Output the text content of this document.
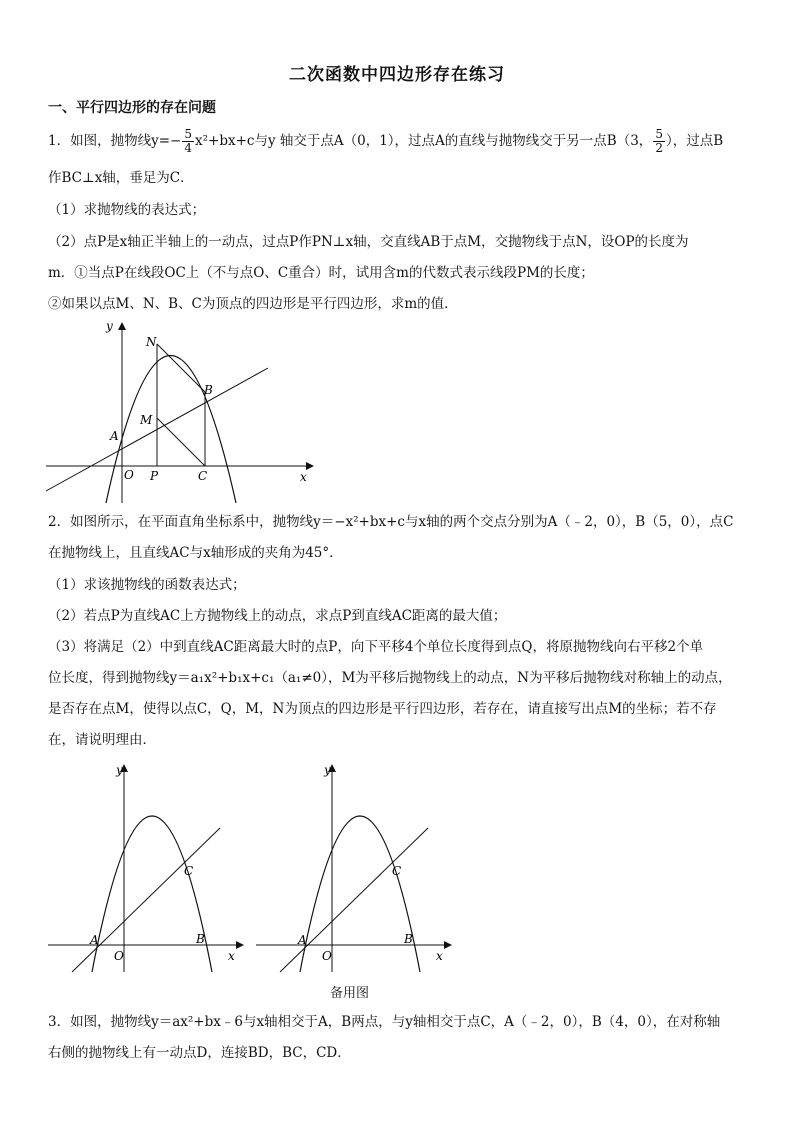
二次函数中四边形存在练习
一、平行四边形的存在问题
1．如图，抛物线$y=- \frac{5}{4} x^2+bx+c$与y 轴交于点A（0，1），过点A的直线与抛物线交于另一点B（3， $\frac{5}{2}$ ），过点B
作BC⊥x轴，垂足为C．
（1）求抛物线的表达式；
（2）点P是x轴正半轴上的一动点，过点P作PN⊥x轴，交直线AB于点M，交抛物线于点N，设OP的长度为
m．①当点P在线段OC上（不与点O、C重合）时，试用含m的代数式表示线段PM的长度；
②如果以点M、N、B、C为顶点的四边形是平行四边形，求m的值．
y
x
N
B
M
A
O P	C
2．如图所示，在平面直角坐标系中，抛物线y＝−x²+bx+c与x轴的两个交点分别为A（﹣2，0），B（5，0），点C
在抛物线上，且直线AC与x轴形成的夹角为45°．
（1）求该抛物线的函数表达式；
（2）若点P为直线AC上方抛物线上的动点，求点P到直线AC距离的最大值；
（3）将满足（2）中到直线AC距离最大时的点P，向下平移4个单位长度得到点Q，将原抛物线向右平移2个单
位长度，得到抛物线y＝a₁x²+b₁x+c₁（a₁≠0），M为平移后抛物线上的动点，N为平移后抛物线对称轴上的动点，
是否存在点M，使得以点C，Q，M，N为顶点的四边形是平行四边形，若存在，请直接写出点M的坐标；若不存
在，请说明理由．
y
x
A
O
B
C
y
x
A
O
B
C
备用图
3．如图，抛物线y＝ax²+bx﹣6与x轴相交于A，B两点，与y轴相交于点C，A（﹣2，0），B（4，0），在对称轴
右侧的抛物线上有一动点D，连接BD，BC，CD．
